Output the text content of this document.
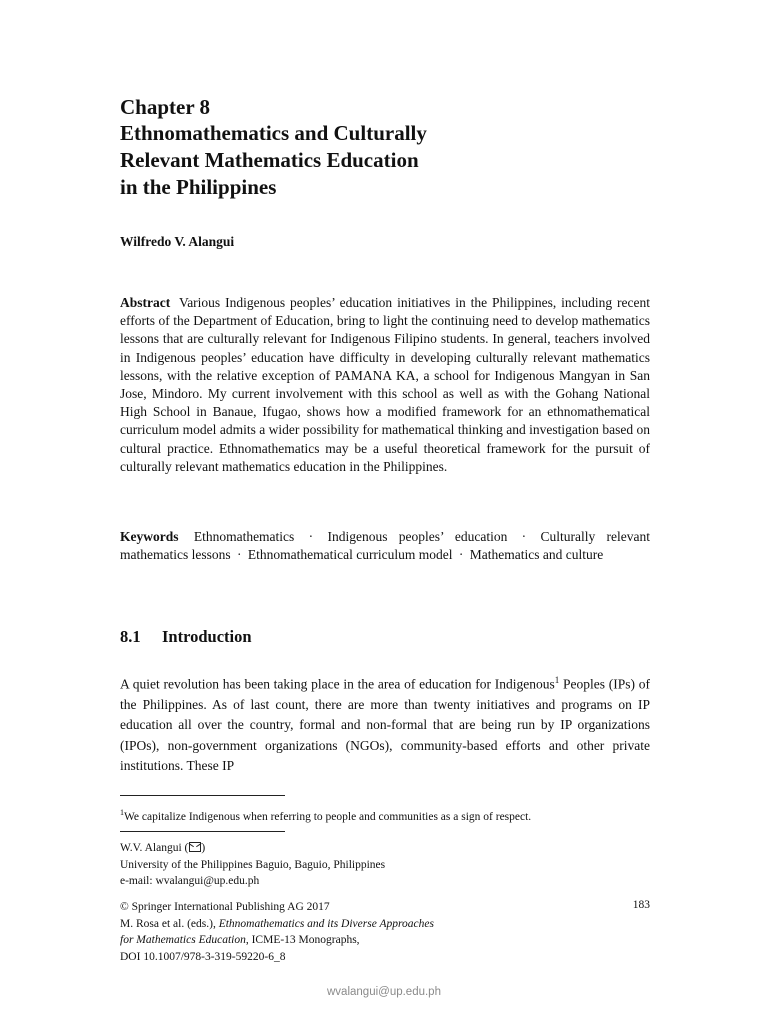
Chapter 8
Ethnomathematics and Culturally
Relevant Mathematics Education
in the Philippines
Wilfredo V. Alangui
Abstract Various Indigenous peoples’ education initiatives in the Philippines, including recent efforts of the Department of Education, bring to light the continuing need to develop mathematics lessons that are culturally relevant for Indigenous Filipino students. In general, teachers involved in Indigenous peoples’ education have difficulty in developing culturally relevant mathematics lessons, with the relative exception of PAMANA KA, a school for Indigenous Mangyan in San Jose, Mindoro. My current involvement with this school as well as with the Gohang National High School in Banaue, Ifugao, shows how a modified framework for an ethnomathematical curriculum model admits a wider possibility for mathematical thinking and investigation based on cultural practice. Ethnomathematics may be a useful theoretical framework for the pursuit of culturally relevant mathematics education in the Philippines.
Keywords Ethnomathematics · Indigenous peoples’ education · Culturally relevant mathematics lessons · Ethnomathematical curriculum model · Mathematics and culture
8.1 Introduction
A quiet revolution has been taking place in the area of education for Indigenous$^1$ Peoples (IPs) of the Philippines. As of last count, there are more than twenty initiatives and programs on IP education all over the country, formal and non-formal that are being run by IP organizations (IPOs), non-government organizations (NGOs), community-based efforts and other private institutions. These IP
$^1$We capitalize Indigenous when referring to people and communities as a sign of respect.
W.V. Alangui ( )
University of the Philippines Baguio, Baguio, Philippines
e-mail: wvalangui@up.edu.ph
© Springer International Publishing AG 2017
M. Rosa et al. (eds.), Ethnomathematics and its Diverse Approaches
for Mathematics Education, ICME-13 Monographs,
DOI 10.1007/978-3-319-59220-6_8
183
wvalangui@up.edu.ph
